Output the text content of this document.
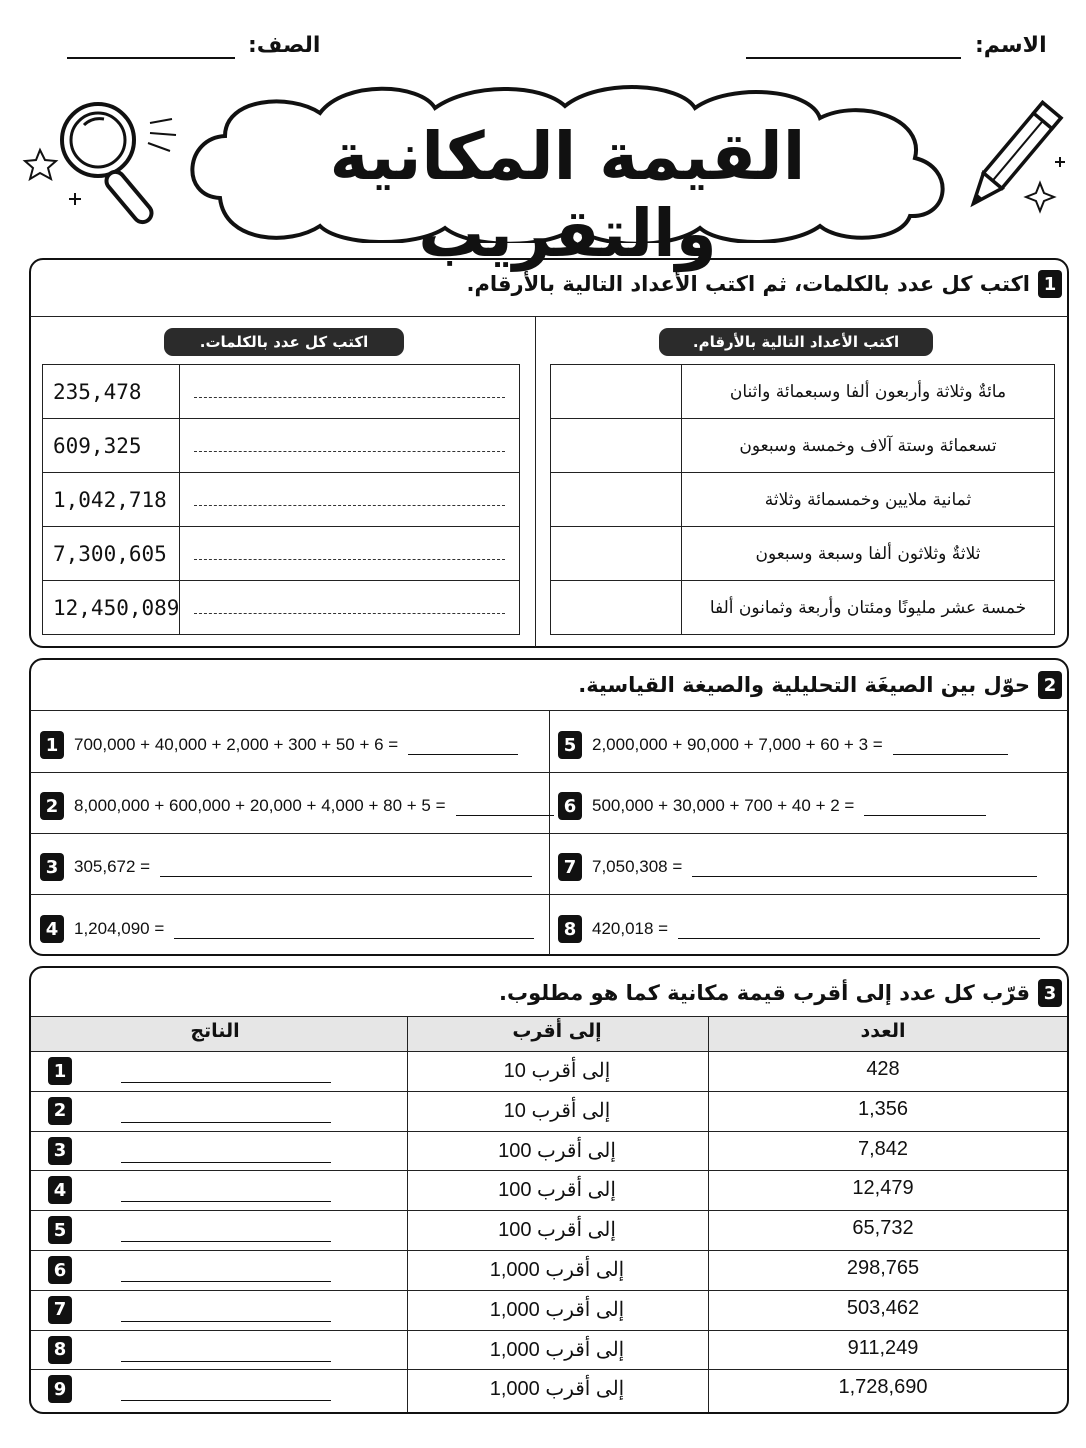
الاسم:
الصف:
القيمة المكانية والتقريب
1
اكتب كل عدد بالكلمات، ثم اكتب الأعداد التالية بالأرقام.
اكتب كل عدد بالكلمات.	اكتب الأعداد التالية بالأرقام.
235,478	

609,325	

1,042,718	

7,300,605	

12,450,089	
	مائةٌ وثلاثة وأربعون ألفا وسبعمائة واثنان
	تسعمائة وستة آلاف وخمسة وسبعون
	ثمانية ملايين وخمسمائة وثلاثة
	ثلاثةٌ وثلاثون ألفا وسبعة وسبعون
	خمسة عشر مليونًا ومئتان وأربعة وثمانون ألفا
2
حوّل بين الصيغَة التحليلية والصيغة القياسية.
1 700,000 + 40,000 + 2,000 + 300 + 50 + 6 =
2 8,000,000 + 600,000 + 20,000 + 4,000 + 80 + 5 =
3 305,672 =
4 1,204,090 =
5 2,000,000 + 90,000 + 7,000 + 60 + 3 =
6 500,000 + 30,000 + 700 + 40 + 2 =
7 7,050,308 =
8 420,018 =
3
قرّب كل عدد إلى أقرب قيمة مكانية كما هو مطلوب.
العدد
إلى أقرب
الناتج
1	إلى أقرب 10	428
2	إلى أقرب 10	1,356
3	إلى أقرب 100	7,842
4	إلى أقرب 100	12,479
5	إلى أقرب 100	65,732
6	إلى أقرب 1,000	298,765
7	إلى أقرب 1,000	503,462
8	إلى أقرب 1,000	911,249
9	إلى أقرب 1,000	1,728,690
